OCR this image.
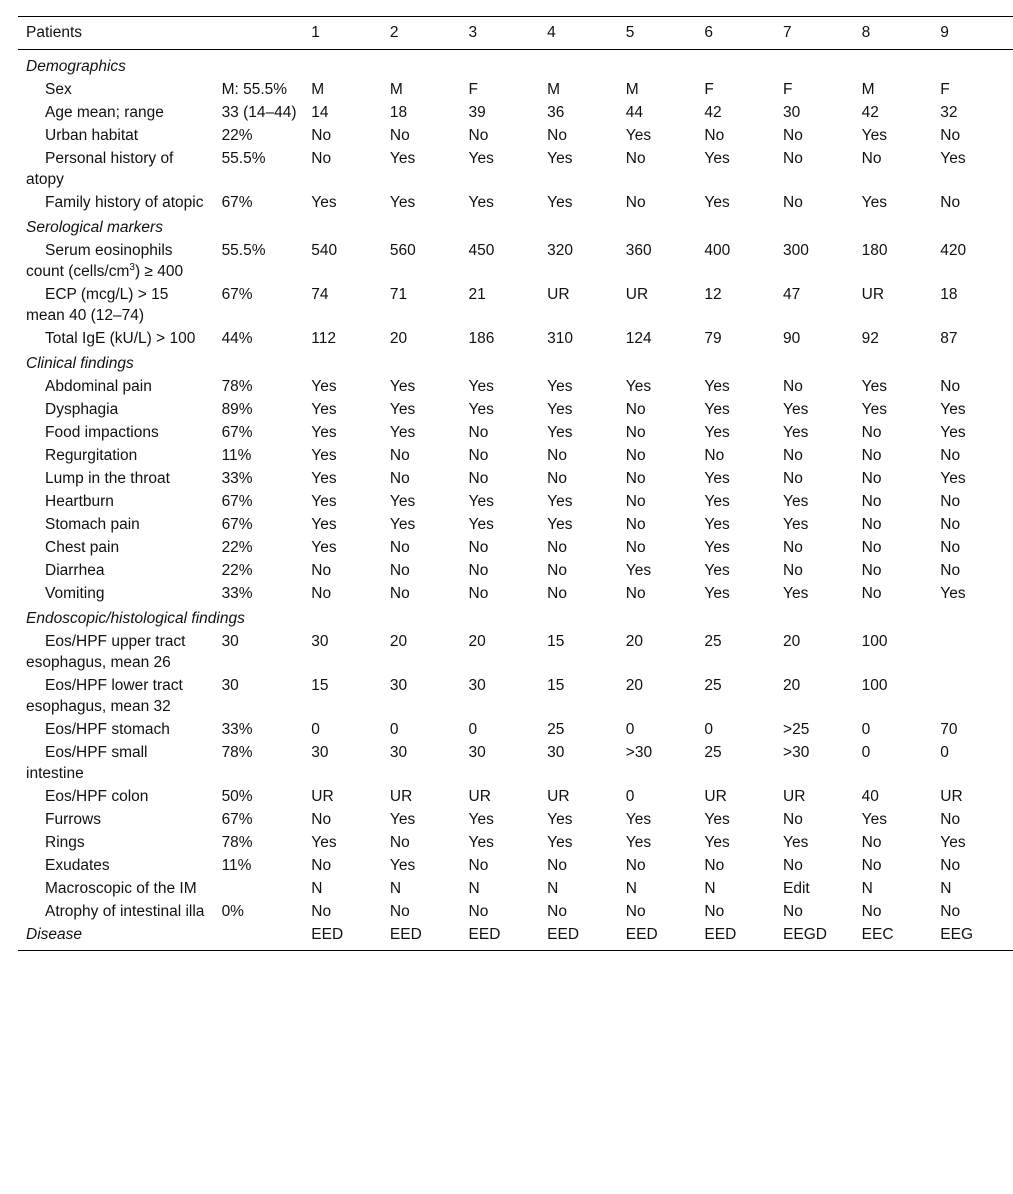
Patients		1	2	3	4	5	6	7	8	9
Demographics										
Sex	M: 55.5%	M	M	F	M	M	F	F	M	F
Age mean; range	33 (14–44)	14	18	39	36	44	42	30	42	32
Urban habitat	22%	No	No	No	No	Yes	No	No	Yes	No
Personal history of atopy	55.5%	No	Yes	Yes	Yes	No	Yes	No	No	Yes
Family history of atopic	67%	Yes	Yes	Yes	Yes	No	Yes	No	Yes	No
Serological markers										
Serum eosinophils count $(cells/cm^3) \ge 400$	55.5%	540	560	450	320	360	400	300	180	420
ECP (mcg/L) > 15 mean 40 (12–74)	67%	74	71	21	UR	UR	12	47	UR	18
Total IgE (kU/L) > 100	44%	112	20	186	310	124	79	90	92	87
Clinical findings										
Abdominal pain	78%	Yes	Yes	Yes	Yes	Yes	Yes	No	Yes	No
Dysphagia	89%	Yes	Yes	Yes	Yes	No	Yes	Yes	Yes	Yes
Food impactions	67%	Yes	Yes	No	Yes	No	Yes	Yes	No	Yes
Regurgitation	11%	Yes	No	No	No	No	No	No	No	No
Lump in the throat	33%	Yes	No	No	No	No	Yes	No	No	Yes
Heartburn	67%	Yes	Yes	Yes	Yes	No	Yes	Yes	No	No
Stomach pain	67%	Yes	Yes	Yes	Yes	No	Yes	Yes	No	No
Chest pain	22%	Yes	No	No	No	No	Yes	No	No	No
Diarrhea	22%	No	No	No	No	Yes	Yes	No	No	No
Vomiting	33%	No	No	No	No	No	Yes	Yes	No	Yes
Endoscopic/histological findings										
Eos/HPF upper tract esophagus, mean 26	30	30	20	20	15	20	25	20	100	
Eos/HPF lower tract esophagus, mean 32	30	15	30	30	15	20	25	20	100	
Eos/HPF stomach	33%	0	0	0	25	0	0	>25	0	70
Eos/HPF small intestine	78%	30	30	30	30	>30	25	>30	0	0
Eos/HPF colon	50%	UR	UR	UR	UR	0	UR	UR	40	UR
Furrows	67%	No	Yes	Yes	Yes	Yes	Yes	No	Yes	No
Rings	78%	Yes	No	Yes	Yes	Yes	Yes	Yes	No	Yes
Exudates	11%	No	Yes	No	No	No	No	No	No	No
Macroscopic of the IM		N	N	N	N	N	N	Edit	N	N
Atrophy of intestinal illa	0%	No	No	No	No	No	No	No	No	No
Disease		EED	EED	EED	EED	EED	EED	EEGD	EEC	EEG
